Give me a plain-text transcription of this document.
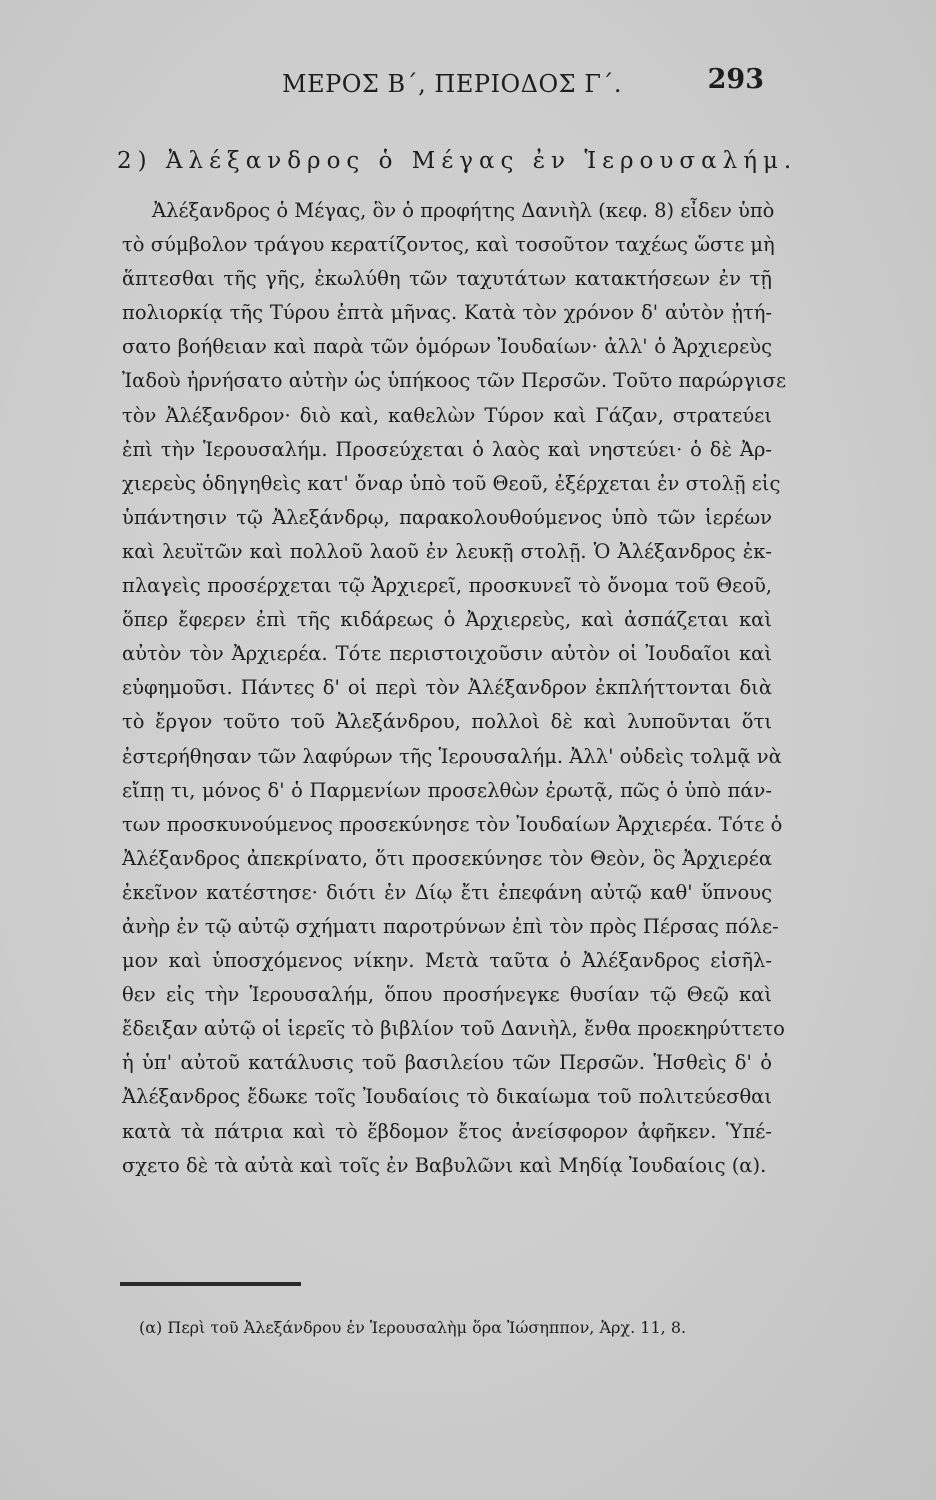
ΜΕΡΟΣ Β΄, ΠΕΡΙΟΔΟΣ Γ΄.	293
2) Ἀλέξανδρος ὁ Μέγας ἐν Ἱερουσαλήμ.
Ἀλέξανδρος ὁ Μέγας, ὃν ὁ προφήτης Δανιὴλ (κεφ. 8) εἶδεν ὑπὸ
τὸ σύμβολον τράγου κερατίζοντος, καὶ τοσοῦτον ταχέως ὥστε μὴ
ἅπτεσθαι τῆς γῆς, ἐκωλύθη τῶν ταχυτάτων κατακτήσεων ἐν τῇ
πολιορκίᾳ τῆς Τύρου ἑπτὰ μῆνας. Κατὰ τὸν χρόνον δ' αὐτὸν ᾐτή-
σατο βοήθειαν καὶ παρὰ τῶν ὁμόρων Ἰουδαίων· ἀλλ' ὁ Ἀρχιερεὺς
Ἰαδοὺ ἠρνήσατο αὐτὴν ὡς ὑπήκοος τῶν Περσῶν. Τοῦτο παρώργισε
τὸν Ἀλέξανδρον· διὸ καὶ, καθελὼν Τύρον καὶ Γάζαν, στρατεύει
ἐπὶ τὴν Ἱερουσαλήμ. Προσεύχεται ὁ λαὸς καὶ νηστεύει· ὁ δὲ Ἀρ-
χιερεὺς ὁδηγηθεὶς κατ' ὄναρ ὑπὸ τοῦ Θεοῦ, ἐξέρχεται ἐν στολῇ εἰς
ὑπάντησιν τῷ Ἀλεξάνδρῳ, παρακολουθούμενος ὑπὸ τῶν ἱερέων
καὶ λευϊτῶν καὶ πολλοῦ λαοῦ ἐν λευκῇ στολῇ. Ὁ Ἀλέξανδρος ἐκ-
πλαγεὶς προσέρχεται τῷ Ἀρχιερεῖ, προσκυνεῖ τὸ ὄνομα τοῦ Θεοῦ,
ὅπερ ἔφερεν ἐπὶ τῆς κιδάρεως ὁ Ἀρχιερεὺς, καὶ ἀσπάζεται καὶ
αὐτὸν τὸν Ἀρχιερέα. Τότε περιστοιχοῦσιν αὐτὸν οἱ Ἰουδαῖοι καὶ
εὐφημοῦσι. Πάντες δ' οἱ περὶ τὸν Ἀλέξανδρον ἐκπλήττονται διὰ
τὸ ἔργον τοῦτο τοῦ Ἀλεξάνδρου, πολλοὶ δὲ καὶ λυποῦνται ὅτι
ἐστερήθησαν τῶν λαφύρων τῆς Ἱερουσαλήμ. Ἀλλ' οὐδεὶς τολμᾷ νὰ
εἴπῃ τι, μόνος δ' ὁ Παρμενίων προσελθὼν ἐρωτᾷ, πῶς ὁ ὑπὸ πάν-
των προσκυνούμενος προσεκύνησε τὸν Ἰουδαίων Ἀρχιερέα. Τότε ὁ
Ἀλέξανδρος ἀπεκρίνατο, ὅτι προσεκύνησε τὸν Θεὸν, ὃς Ἀρχιερέα
ἐκεῖνον κατέστησε· διότι ἐν Δίῳ ἔτι ἐπεφάνη αὐτῷ καθ' ὕπνους
ἀνὴρ ἐν τῷ αὐτῷ σχήματι παροτρύνων ἐπὶ τὸν πρὸς Πέρσας πόλε-
μον καὶ ὑποσχόμενος νίκην. Μετὰ ταῦτα ὁ Ἀλέξανδρος εἰσῆλ-
θεν εἰς τὴν Ἱερουσαλήμ, ὅπου προσήνεγκε θυσίαν τῷ Θεῷ καὶ
ἔδειξαν αὐτῷ οἱ ἱερεῖς τὸ βιβλίον τοῦ Δανιὴλ, ἔνθα προεκηρύττετο
ἡ ὑπ' αὐτοῦ κατάλυσις τοῦ βασιλείου τῶν Περσῶν. Ἡσθεὶς δ' ὁ
Ἀλέξανδρος ἔδωκε τοῖς Ἰουδαίοις τὸ δικαίωμα τοῦ πολιτεύεσθαι
κατὰ τὰ πάτρια καὶ τὸ ἕβδομον ἔτος ἀνείσφορον ἀφῆκεν. Ὑπέ-
σχετο δὲ τὰ αὐτὰ καὶ τοῖς ἐν Βαβυλῶνι καὶ Μηδίᾳ Ἰουδαίοις (α).
(α) Περὶ τοῦ Ἀλεξάνδρου ἐν Ἱερουσαλὴμ ὅρα Ἰώσηππον, Ἀρχ. 11, 8.
